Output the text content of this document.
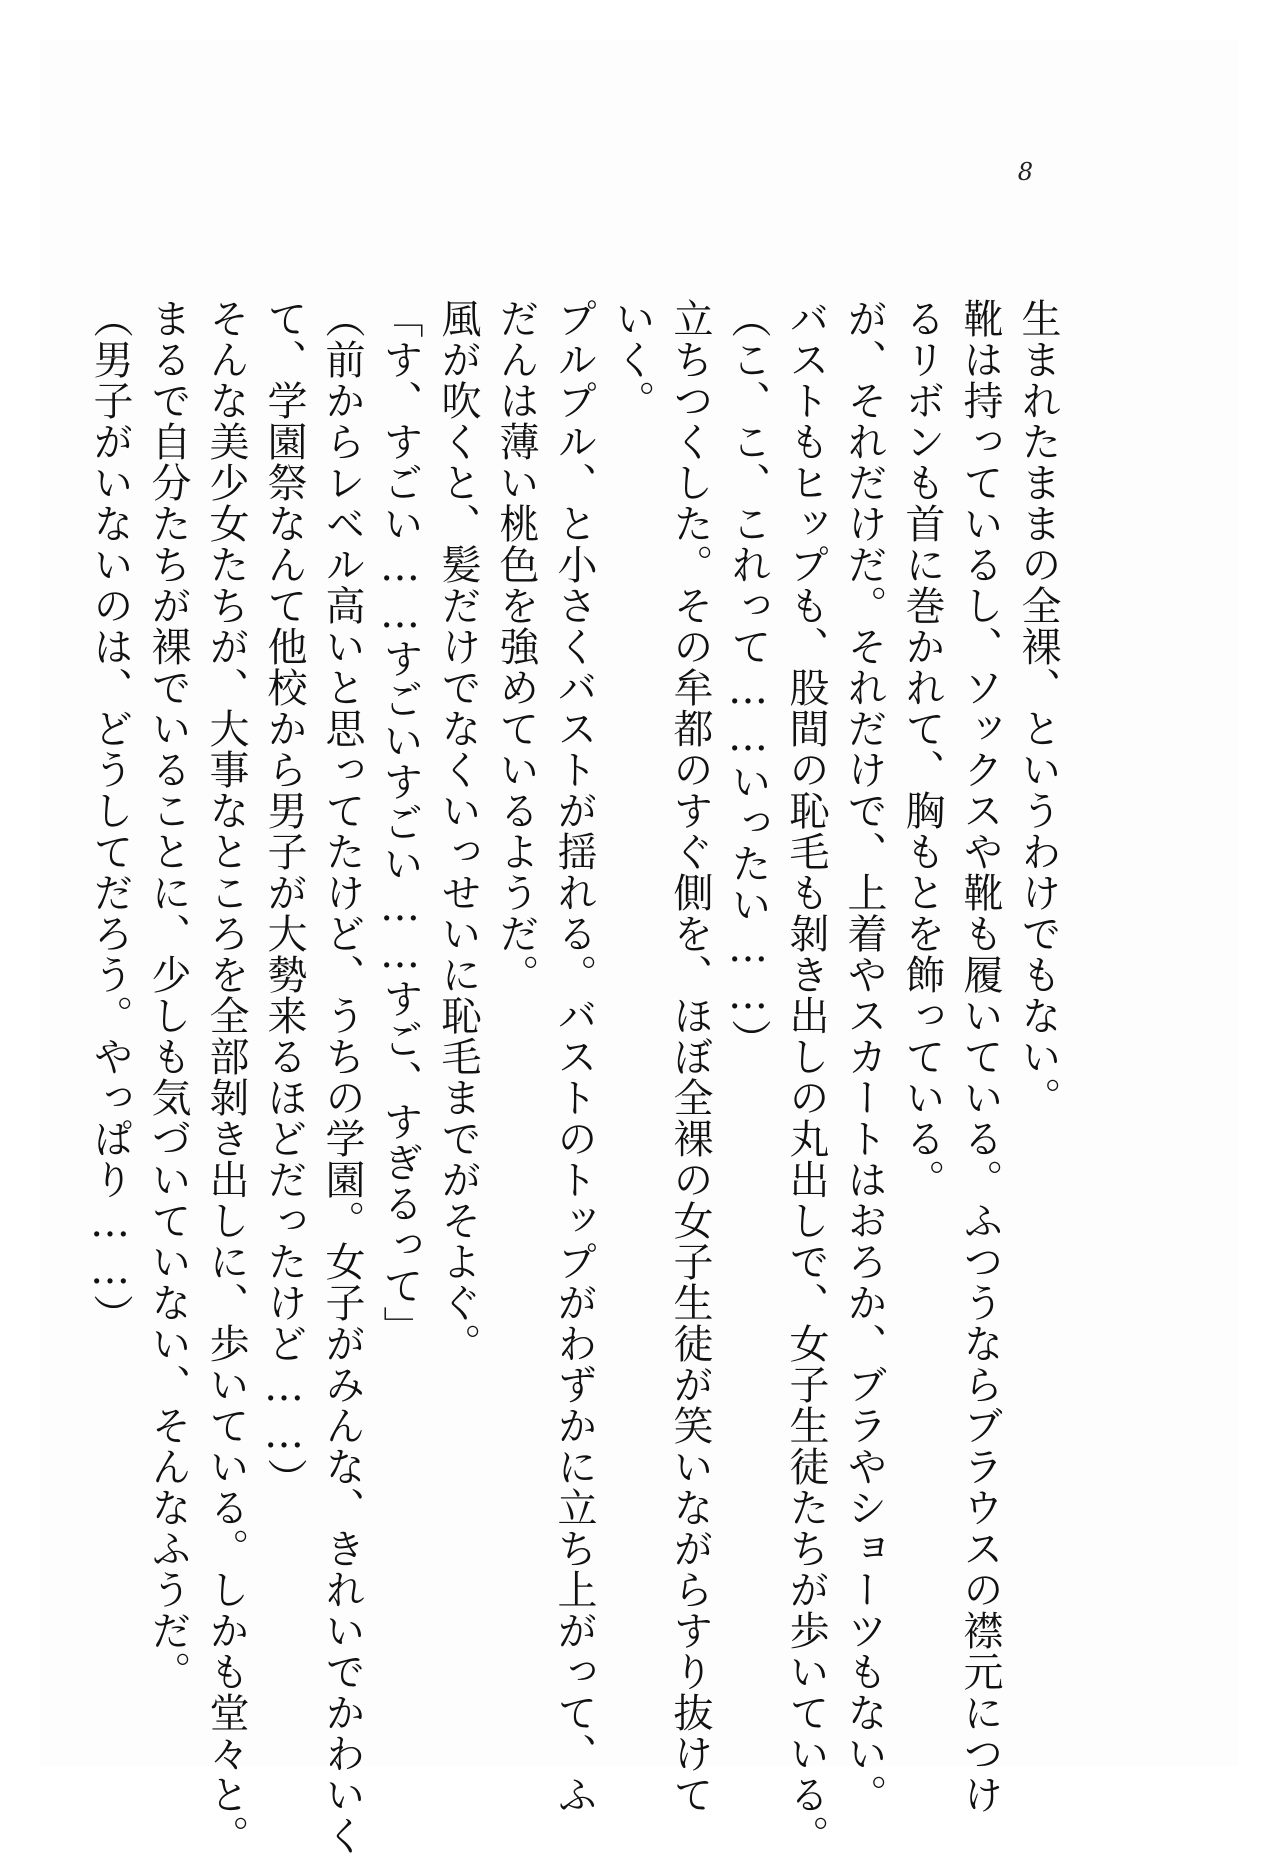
8
生まれたままの全裸、というわけでもない。
靴は持っているし、ソックスや靴も履いている。ふつうならブラウスの襟元につけ
るリボンも首に巻かれて、胸もとを飾っている。
が、それだけだ。それだけで、上着やスカートはおろか、ブラやショーツもない。
バストもヒップも、股間の恥毛も剝き出しの丸出しで、女子生徒たちが歩いている。
（こ、こ、これって……いったい……）
立ちつくした。その牟都のすぐ側を、ほぼ全裸の女子生徒が笑いながらすり抜けて
いく。
プルプル、と小さくバストが揺れる。バストのトップがわずかに立ち上がって、ふ
だんは薄い桃色を強めているようだ。
風が吹くと、髪だけでなくいっせいに恥毛までがそよぐ。
「す、すごい……すごいすごい……すご、すぎるって」
（前からレベル高いと思ってたけど、うちの学園。女子がみんな、きれいでかわいく
て、学園祭なんて他校から男子が大勢来るほどだったけど……）
そんな美少女たちが、大事なところを全部剝き出しに、歩いている。しかも堂々と。
まるで自分たちが裸でいることに、少しも気づいていない、そんなふうだ。
（男子がいないのは、どうしてだろう。やっぱり……）
